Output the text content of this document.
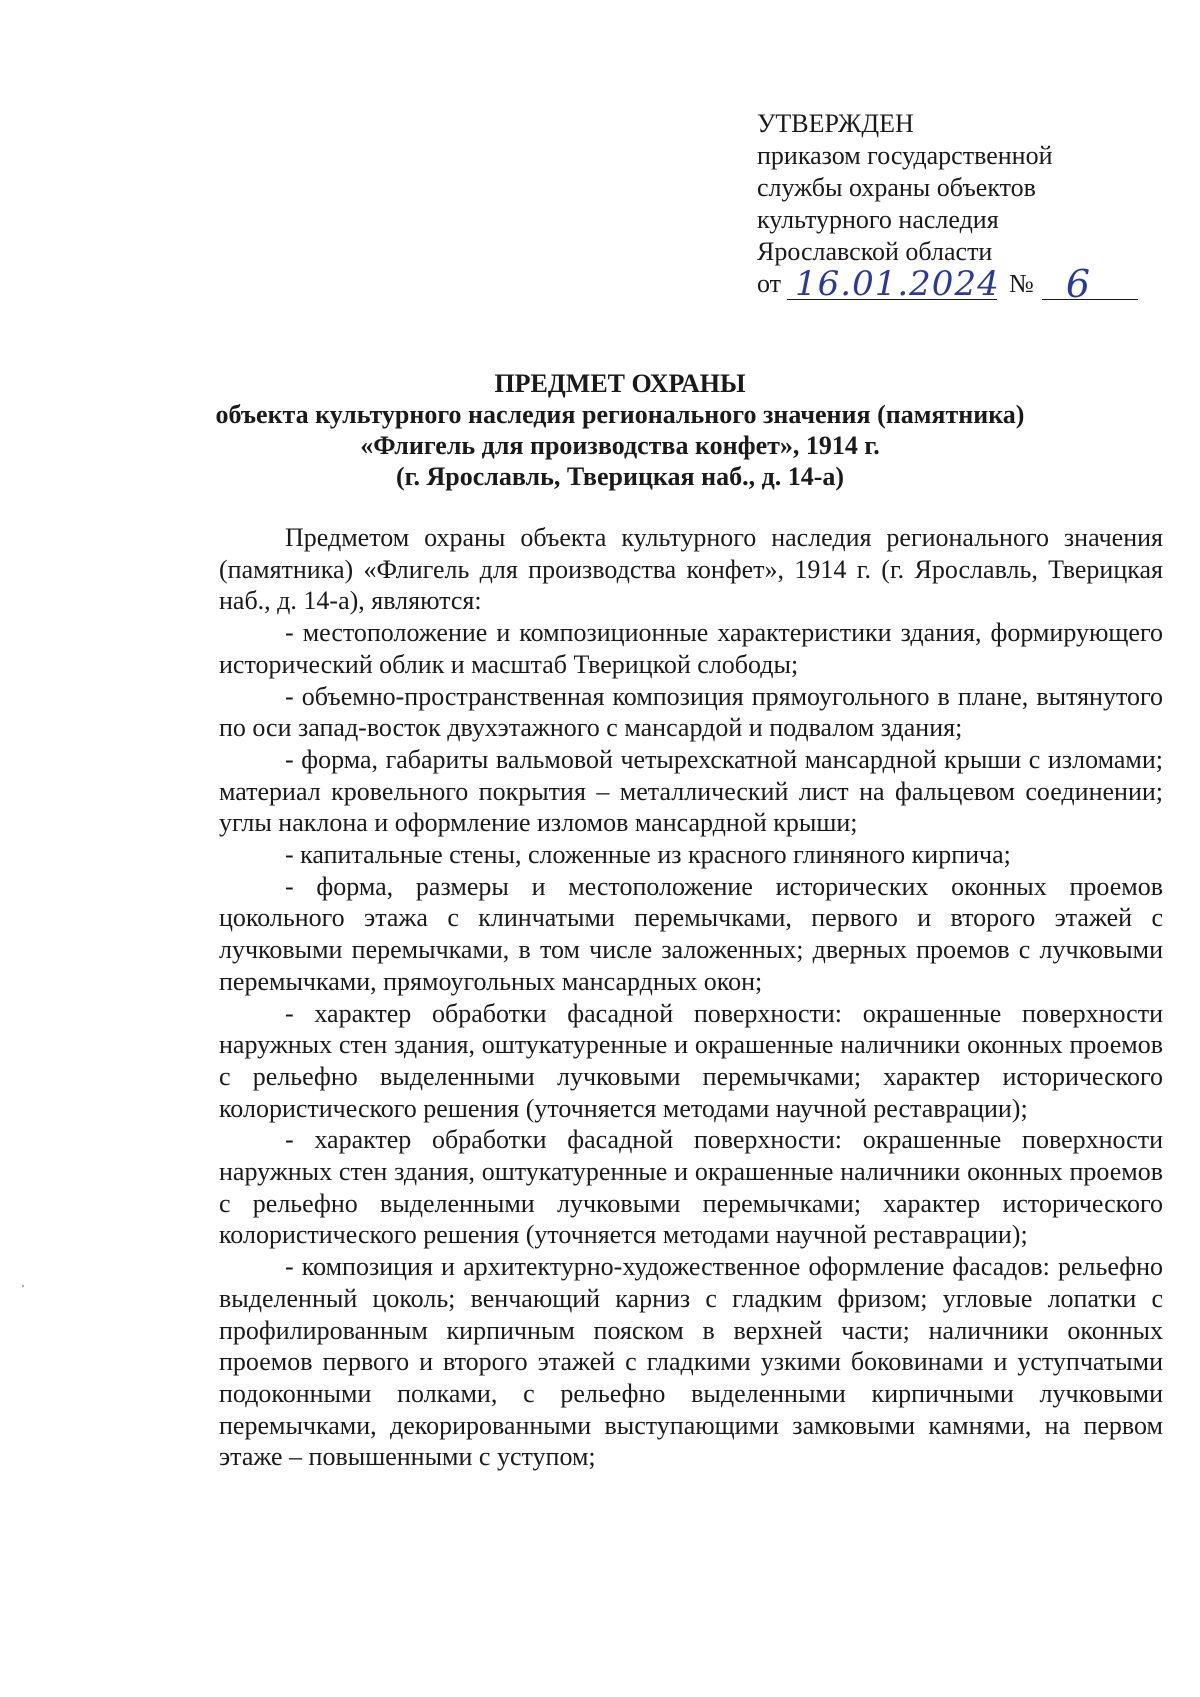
УТВЕРЖДЕН
приказом государственной
службы охраны объектов
культурного наследия
Ярославской области
от 16.01.2024 № 6
ПРЕДМЕТ ОХРАНЫ
объекта культурного наследия регионального значения (памятника)
«Флигель для производства конфет», 1914 г.
(г. Ярославль, Тверицкая наб., д. 14-а)

Предметом охраны объекта культурного наследия регионального значения (памятника) «Флигель для производства конфет», 1914 г. (г. Ярославль, Тверицкая наб., д. 14-а), являются:

- местоположение и композиционные характеристики здания, формирующего исторический облик и масштаб Тверицкой слободы;

- объемно-пространственная композиция прямоугольного в плане, вытянутого по оси запад-восток двухэтажного с мансардой и подвалом здания;

- форма, габариты вальмовой четырехскатной мансардной крыши с изломами; материал кровельного покрытия – металлический лист на фальцевом соединении; углы наклона и оформление изломов мансардной крыши;

- капитальные стены, сложенные из красного глиняного кирпича;

- форма, размеры и местоположение исторических оконных проемов цокольного этажа с клинчатыми перемычками, первого и второго этажей с лучковыми перемычками, в том числе заложенных; дверных проемов с лучковыми перемычками, прямоугольных мансардных окон;

- характер обработки фасадной поверхности: окрашенные поверхности наружных стен здания, оштукатуренные и окрашенные наличники оконных проемов с рельефно выделенными лучковыми перемычками; характер исторического колористического решения (уточняется методами научной реставрации);

- характер обработки фасадной поверхности: окрашенные поверхности наружных стен здания, оштукатуренные и окрашенные наличники оконных проемов с рельефно выделенными лучковыми перемычками; характер исторического колористического решения (уточняется методами научной реставрации);

- композиция и архитектурно-художественное оформление фасадов: рельефно выделенный цоколь; венчающий карниз с гладким фризом; угловые лопатки с профилированным кирпичным пояском в верхней части; наличники оконных проемов первого и второго этажей с гладкими узкими боковинами и уступчатыми подоконными полками, с рельефно выделенными кирпичными лучковыми перемычками, декорированными выступающими замковыми камнями, на первом этаже – повышенными с уступом;
